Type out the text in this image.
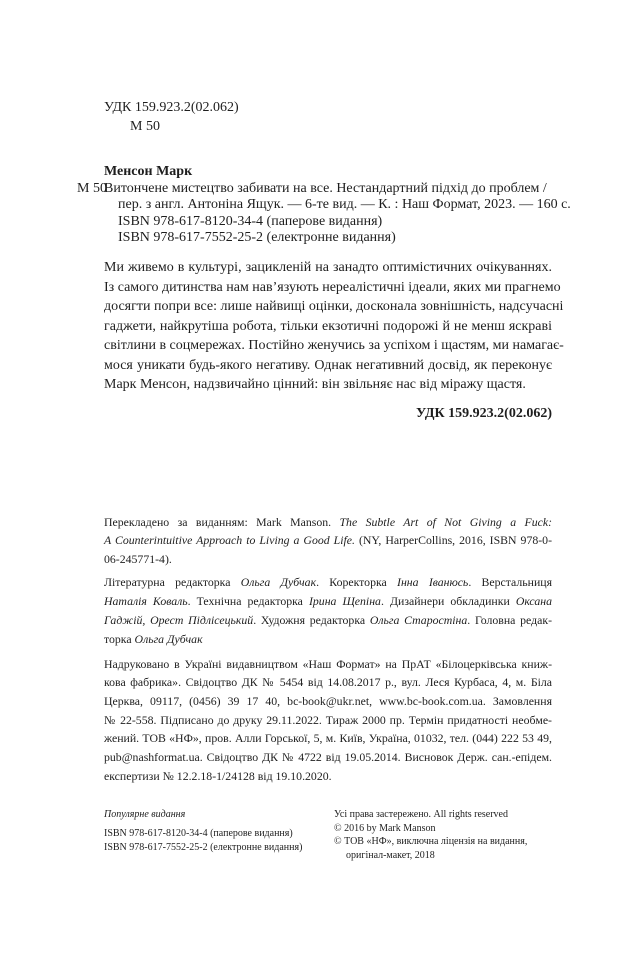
УДК 159.923.2(02.062)
М 50
Менсон Марк
М 50
Витончене мистецтво забивати на все. Нестандартний підхід до проблем /
пер. з англ. Антоніна Ящук. — 6-те вид. — К. : Наш Формат, 2023. — 160 с.
ISBN 978-617-8120-34-4 (паперове видання)
ISBN 978-617-7552-25-2 (електронне видання)
Ми живемо в культурі, зацикленій на занадто оптимістичних очікуваннях.
Із самого дитинства нам нав’язують нереалістичні ідеали, яких ми прагнемо
досягти попри все: лише найвищі оцінки, досконала зовнішність, надсучасні
гаджети, найкрутіша робота, тільки екзотичні подорожі й не менш яскраві
світлини в соцмережах. Постійно женучись за успіхом і щастям, ми намагає-
мося уникати будь-якого негативу. Однак негативний досвід, як переконує
Марк Менсон, надзвичайно цінний: він звільняє нас від міражу щастя.
УДК 159.923.2(02.062)
Перекладено за виданням: Mark Manson. The Subtle Art of Not Giving a Fuck:
A Counterintuitive Approach to Living a Good Life. (NY, HarperCollins, 2016, ISBN 978-0-
06-245771-4).
Літературна редакторка Ольга Дубчак. Коректорка Інна Іванюсь. Верстальниця
Наталія Коваль. Технічна редакторка Ірина Щепіна. Дизайнери обкладинки Оксана
Гаджій, Орест Підлісецький. Художня редакторка Ольга Старостіна. Головна редак-
торка Ольга Дубчак
Надруковано в Україні видавництвом «Наш Формат» на ПрАТ «Білоцерківська книж-
кова фабрика». Свідоцтво ДК № 5454 від 14.08.2017 р., вул. Леся Курбаса, 4, м. Біла
Церква, 09117, (0456) 39 17 40, bc-book@ukr.net, www.bc-book.com.ua. Замовлення
№ 22-558. Підписано до друку 29.11.2022. Тираж 2000 пр. Термін придатності необме-
жений. ТОВ «НФ», пров. Алли Горської, 5, м. Київ, Україна, 01032, тел. (044) 222 53 49,
pub@nashformat.ua. Свідоцтво ДК № 4722 від 19.05.2014. Висновок Держ. сан.-епідем.
експертизи № 12.2.18-1/24128 від 19.10.2020.
Популярне видання
ISBN 978-617-8120-34-4 (паперове видання)
ISBN 978-617-7552-25-2 (електронне видання)
Усі права застережено. All rights reserved
© 2016 by Mark Manson
© ТОВ «НФ», виключна ліцензія на видання,
оригінал-макет, 2018
